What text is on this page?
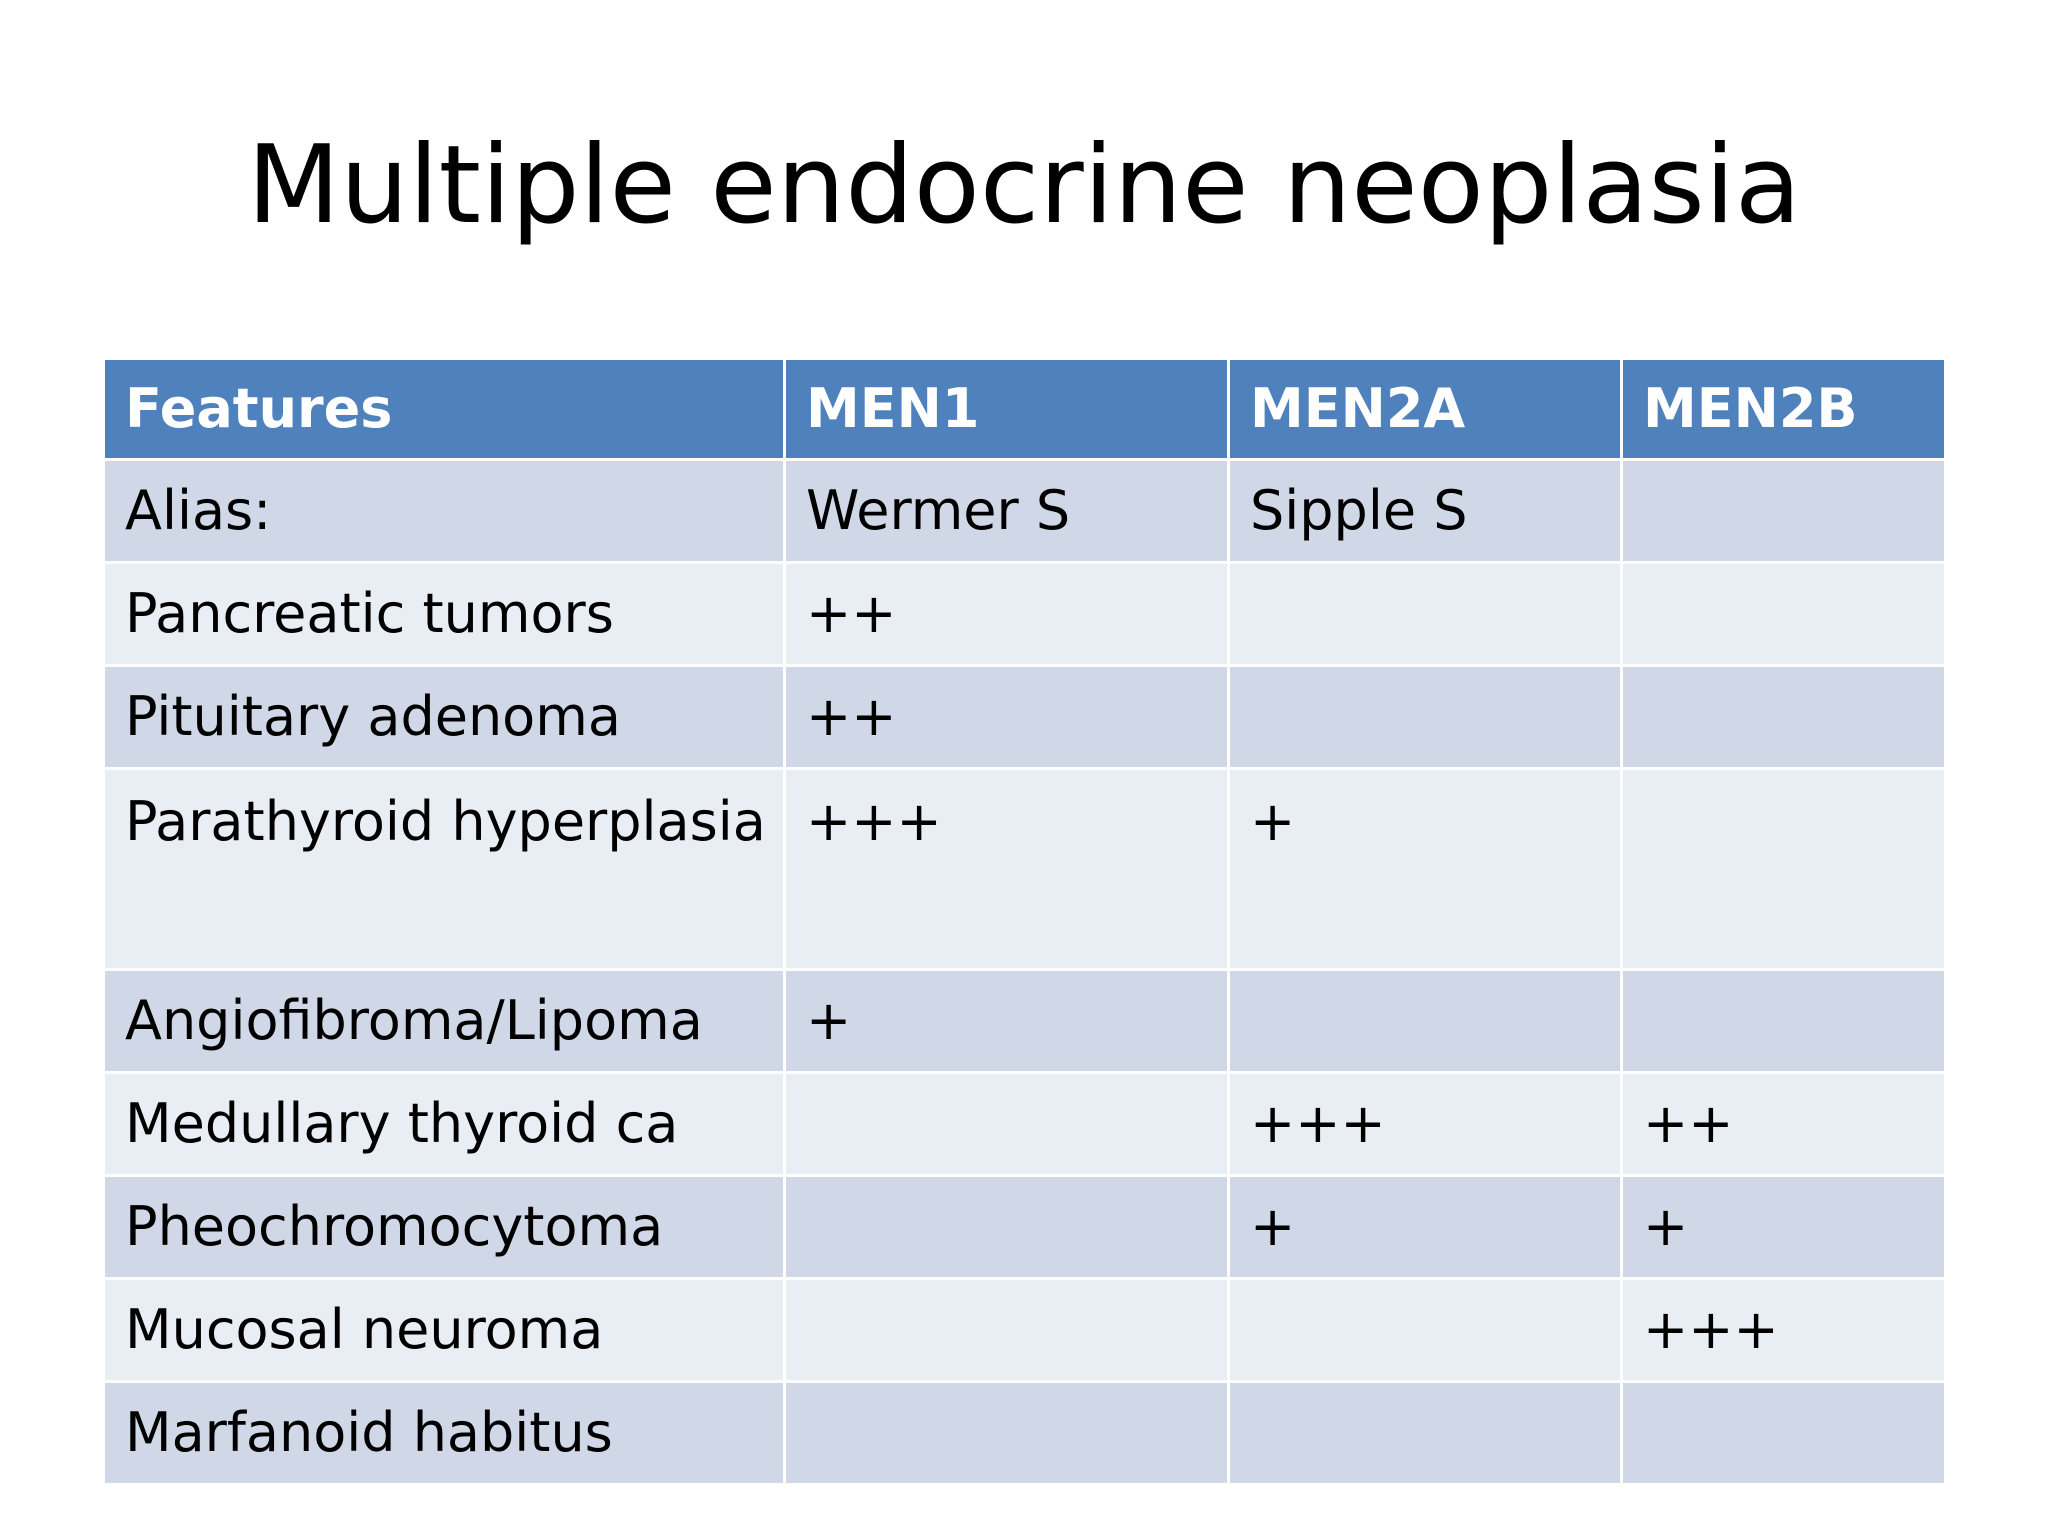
Multiple endocrine neoplasia
Features	MEN1	MEN2A	MEN2B
Alias:	Wermer S	Sipple S	
Pancreatic tumors	++		
Pituitary adenoma	++		
Parathyroid hyperplasia	+++	+	
Angiofibroma/Lipoma	+		
Medullary thyroid ca		+++	++
Pheochromocytoma		+	+
Mucosal neuroma			+++
Marfanoid habitus			
